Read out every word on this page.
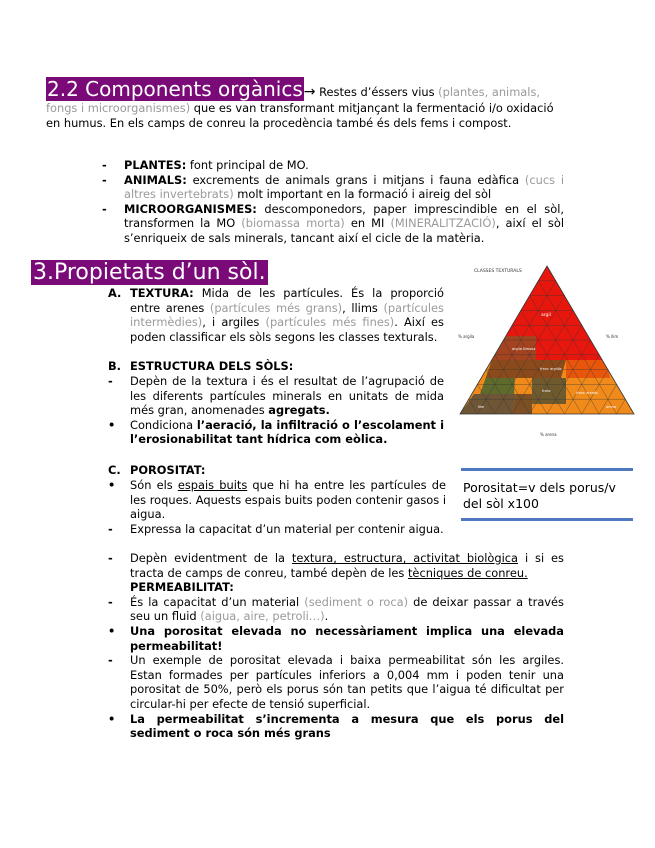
2.2 Components orgànics→ Restes d’éssers vius (plantes, animals, fongs i microorganismes) que es van transformant mitjançant la fermentació i/o oxidació en humus. En els camps de conreu la procedència també és dels fems i compost.
- PLANTES: font principal de MO.
- ANIMALS: excrements de animals grans i mitjans i fauna edàfica (cucs i altres invertebrats) molt important en la formació i aireig del sòl
- MICROORGANISMES: descomponedors, paper imprescindible en el sòl, transformen la MO (biomassa morta) en MI (MINERALITZACIÓ), així el sòl s’enriqueix de sals minerals, tancant així el cicle de la matèria.
3.Propietats d’un sòl.
A. TEXTURA: Mida de les partícules. És la proporció entre arenes (partícules més grans), llims (partícules intermèdies), i argiles (partícules més fines). Així es poden classificar els sòls segons les classes texturals.
B. ESTRUCTURA DELS SÒLS:
- Depèn de la textura i és el resultat de l’agrupació de les diferents partícules minerals en unitats de mida més gran, anomenades agregats.
• Condiciona l’aeració, la infiltració o l’escolament i l’erosionabilitat tant hídrica com eòlica.
C. POROSITAT:
• Són els espais buits que hi ha entre les partícules de les roques. Aquests espais buits poden contenir gasos i aigua.
- Expressa la capacitat d’un material per contenir aigua.
- Depèn evidentment de la textura, estructura, activitat biològica i si es tracta de camps de conreu, també depèn de les tècniques de conreu.
PERMEABILITAT:
- És la capacitat d’un material (sediment o roca) de deixar passar a través seu un fluid (aigua, aire, petroli…).
• Una porositat elevada no necessàriament implica una elevada permeabilitat!
- Un exemple de porositat elevada i baixa permeabilitat són les argiles. Estan formades per partícules inferiors a 0,004 mm i poden tenir una porositat de 50%, però els porus són tan petits que l’aigua té dificultat per circular-hi per efecte de tensió superficial.
• La permeabilitat s’incrementa a mesura que els porus del sediment o roca són més grans
CLASSES TEXTURALS
argil
argila llimosa
franc argilós
franc
llim	arena
franc arenós
% argila	% llim
% arena
Porositat=v dels porus/v del sòl x100
